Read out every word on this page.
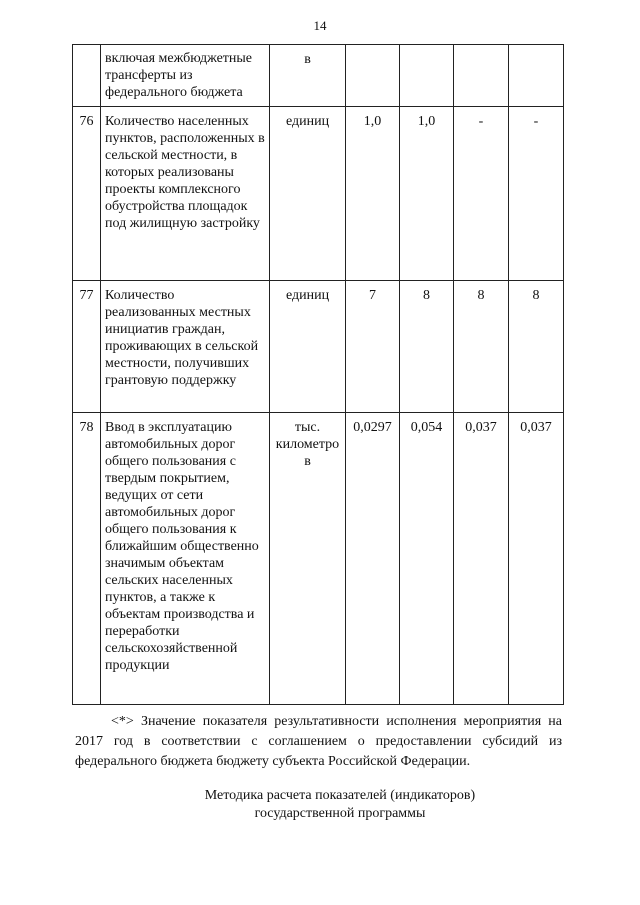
14
	включая межбюджетные трансферты из федерального бюджета	в				
76	Количество населенных пунктов, расположенных в сельской местности, в которых реализованы проекты комплексного обустройства площадок под жилищную застройку	единиц	1,0	1,0	-	-
77	Количество реализованных местных инициатив граждан, проживающих в сельской местности, получивших грантовую поддержку	единиц	7	8	8	8
78	Ввод в эксплуатацию автомобильных дорог общего пользования с твердым покрытием, ведущих от сети автомобильных дорог общего пользования к ближайшим общественно значимым объектам сельских населенных пунктов, а также к объектам производства и переработки сельскохозяйственной продукции	тыс. километро в	0,0297	0,054	0,037	0,037
<*> Значение показателя результативности исполнения мероприятия на 2017 год в соответствии с соглашением о предоставлении субсидий из федерального бюджета бюджету субъекта Российской Федерации.
Методика расчета показателей (индикаторов)
государственной программы
